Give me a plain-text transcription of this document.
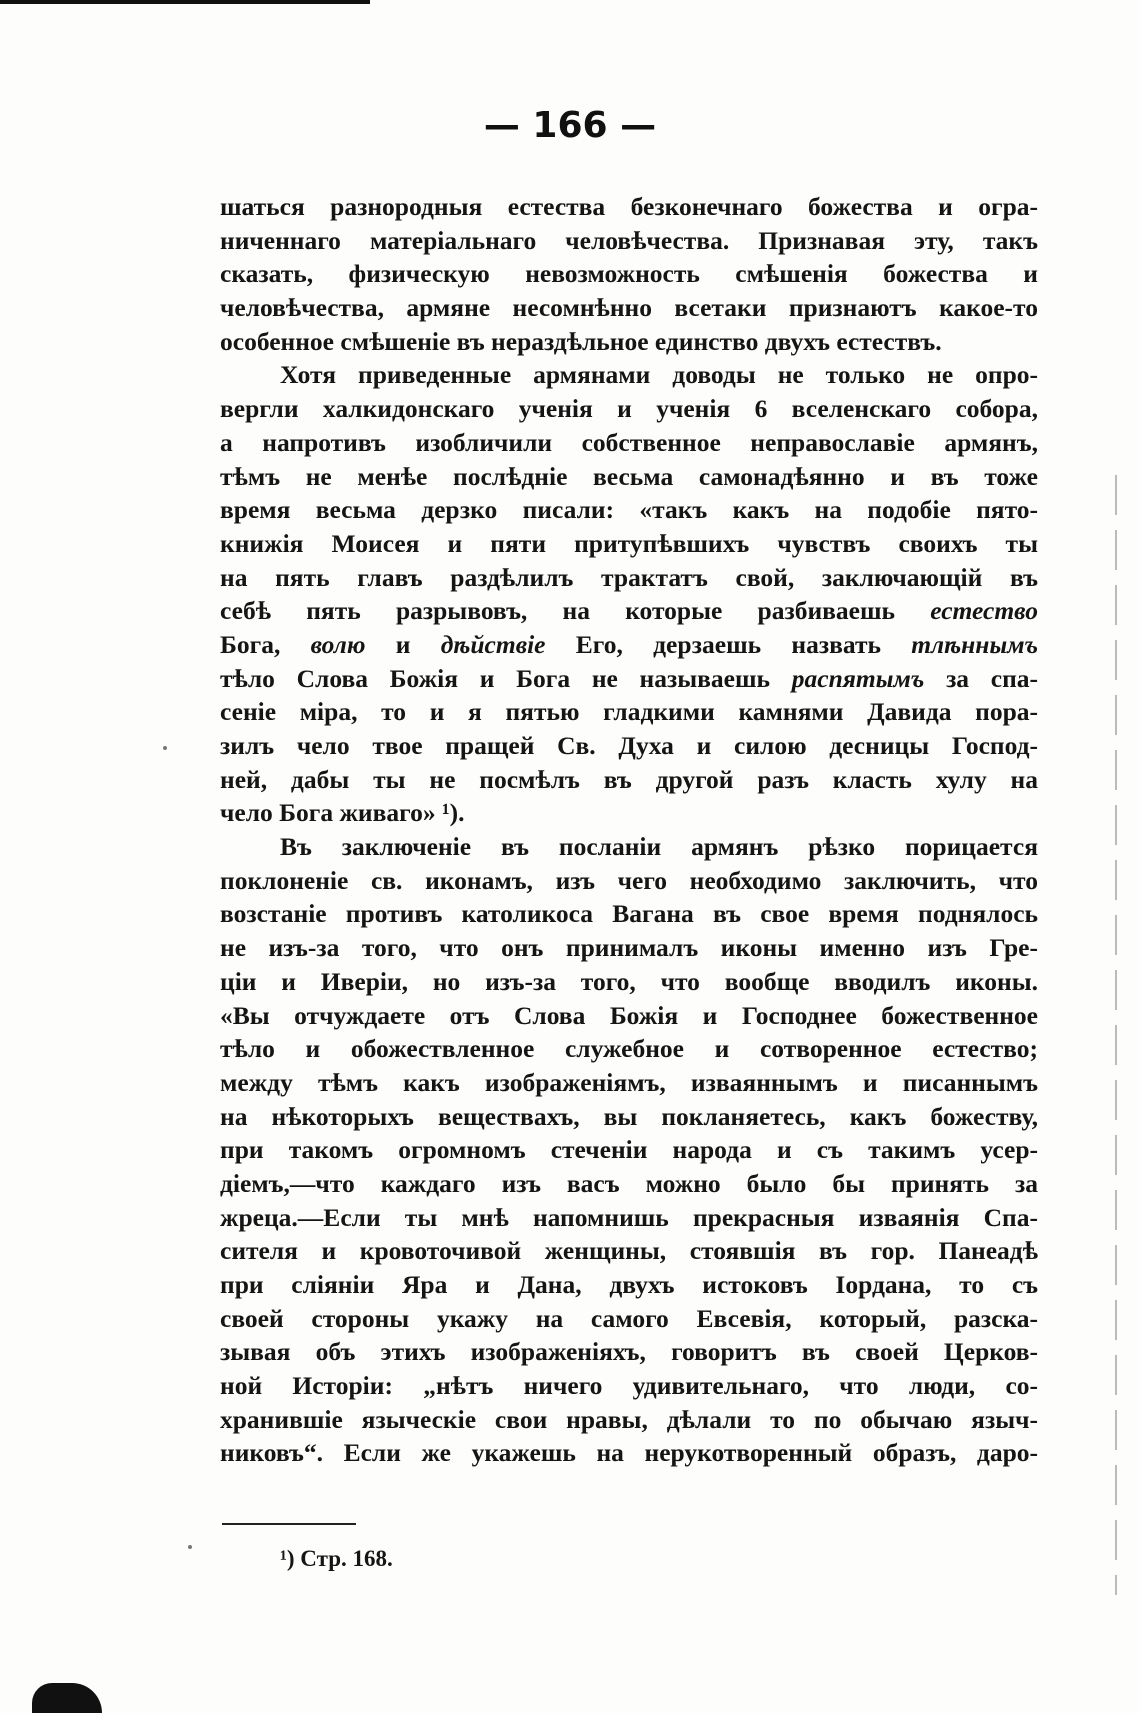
— 166 —
шаться разнородныя естества безконечнаго божества и огра-
ниченнаго матеріальнаго человѣчества. Признавая эту, такъ
сказать, физическую невозможность смѣшенія божества и
человѣчества, армяне несомнѣнно всетаки признаютъ какое-то
особенное смѣшеніе въ нераздѣльное единство двухъ естествъ.
Хотя приведенные армянами доводы не только не опро-
вергли халкидонскаго ученія и ученія 6 вселенскаго собора,
а напротивъ изобличили собственное неправославіе армянъ,
тѣмъ не менѣе послѣдніе весьма самонадѣянно и въ тоже
время весьма дерзко писали: «такъ какъ на подобіе пято-
книжія Моисея и пяти притупѣвшихъ чувствъ своихъ ты
на пять главъ раздѣлилъ трактатъ свой, заключающій въ
себѣ пять разрывовъ, на которые разбиваешь естество
Бога, волю и дѣйствіе Его, дерзаешь назвать тлѣннымъ
тѣло Слова Божія и Бога не называешь распятымъ за спа-
сеніе міра, то и я пятью гладкими камнями Давида пора-
зилъ чело твое пращей Св. Духа и силою десницы Господ-
ней, дабы ты не посмѣлъ въ другой разъ класть хулу на
чело Бога живаго» ¹).
Въ заключеніе въ посланіи армянъ рѣзко порицается
поклоненіе св. иконамъ, изъ чего необходимо заключить, что
возстаніе противъ католикоса Вагана въ свое время поднялось
не изъ-за того, что онъ принималъ иконы именно изъ Гре-
ціи и Иверіи, но изъ-за того, что вообще вводилъ иконы.
«Вы отчуждаете отъ Слова Божія и Господнее божественное
тѣло и обожествленное служебное и сотворенное естество;
между тѣмъ какъ изображеніямъ, изваяннымъ и писаннымъ
на нѣкоторыхъ веществахъ, вы покланяетесь, какъ божеству,
при такомъ огромномъ стеченіи народа и съ такимъ усер-
діемъ,—что каждаго изъ васъ можно было бы принять за
жреца.—Если ты мнѣ напомнишь прекрасныя изваянія Спа-
сителя и кровоточивой женщины, стоявшія въ гор. Панеадѣ
при сліяніи Яра и Дана, двухъ истоковъ Іордана, то съ
своей стороны укажу на самого Евсевія, который, разска-
зывая объ этихъ изображеніяхъ, говоритъ въ своей Церков-
ной Исторіи: „нѣтъ ничего удивительнаго, что люди, со-
хранившіе языческіе свои нравы, дѣлали то по обычаю языч-
никовъ“. Если же укажешь на нерукотворенный образъ, даро-
¹) Стр. 168.
